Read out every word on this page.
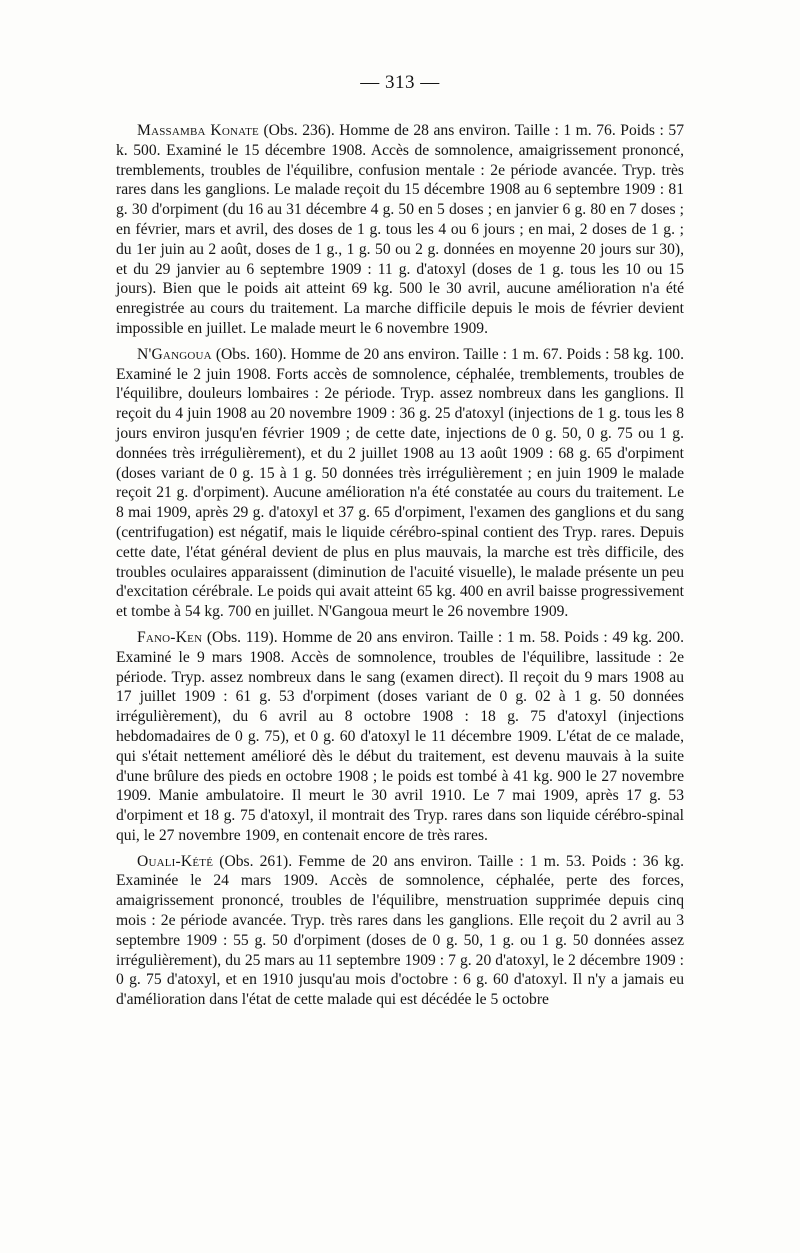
— 313 —

Massamba Konate (Obs. 236). Homme de 28 ans environ. Taille : 1 m. 76. Poids : 57 k. 500. Examiné le 15 décembre 1908. Accès de somnolence, amaigrissement prononcé, tremblements, troubles de l'équilibre, confusion mentale : 2e période avancée. Tryp. très rares dans les ganglions. Le malade reçoit du 15 décembre 1908 au 6 septembre 1909 : 81 g. 30 d'orpiment (du 16 au 31 décembre 4 g. 50 en 5 doses ; en janvier 6 g. 80 en 7 doses ; en février, mars et avril, des doses de 1 g. tous les 4 ou 6 jours ; en mai, 2 doses de 1 g. ; du 1er juin au 2 août, doses de 1 g., 1 g. 50 ou 2 g. données en moyenne 20 jours sur 30), et du 29 janvier au 6 septembre 1909 : 11 g. d'atoxyl (doses de 1 g. tous les 10 ou 15 jours). Bien que le poids ait atteint 69 kg. 500 le 30 avril, aucune amélioration n'a été enregistrée au cours du traitement. La marche difficile depuis le mois de février devient impossible en juillet. Le malade meurt le 6 novembre 1909.

N'Gangoua (Obs. 160). Homme de 20 ans environ. Taille : 1 m. 67. Poids : 58 kg. 100. Examiné le 2 juin 1908. Forts accès de somnolence, céphalée, tremblements, troubles de l'équilibre, douleurs lombaires : 2e période. Tryp. assez nombreux dans les ganglions. Il reçoit du 4 juin 1908 au 20 novembre 1909 : 36 g. 25 d'atoxyl (injections de 1 g. tous les 8 jours environ jusqu'en février 1909 ; de cette date, injections de 0 g. 50, 0 g. 75 ou 1 g. données très irrégulièrement), et du 2 juillet 1908 au 13 août 1909 : 68 g. 65 d'orpiment (doses variant de 0 g. 15 à 1 g. 50 données très irrégulièrement ; en juin 1909 le malade reçoit 21 g. d'orpiment). Aucune amélioration n'a été constatée au cours du traitement. Le 8 mai 1909, après 29 g. d'atoxyl et 37 g. 65 d'orpiment, l'examen des ganglions et du sang (centrifugation) est négatif, mais le liquide cérébro-spinal contient des Tryp. rares. Depuis cette date, l'état général devient de plus en plus mauvais, la marche est très difficile, des troubles oculaires apparaissent (diminution de l'acuité visuelle), le malade présente un peu d'excitation cérébrale. Le poids qui avait atteint 65 kg. 400 en avril baisse progressivement et tombe à 54 kg. 700 en juillet. N'Gangoua meurt le 26 novembre 1909.

Fano-Ken (Obs. 119). Homme de 20 ans environ. Taille : 1 m. 58. Poids : 49 kg. 200. Examiné le 9 mars 1908. Accès de somnolence, troubles de l'équilibre, lassitude : 2e période. Tryp. assez nombreux dans le sang (examen direct). Il reçoit du 9 mars 1908 au 17 juillet 1909 : 61 g. 53 d'orpiment (doses variant de 0 g. 02 à 1 g. 50 données irrégulièrement), du 6 avril au 8 octobre 1908 : 18 g. 75 d'atoxyl (injections hebdomadaires de 0 g. 75), et 0 g. 60 d'atoxyl le 11 décembre 1909. L'état de ce malade, qui s'était nettement amélioré dès le début du traitement, est devenu mauvais à la suite d'une brûlure des pieds en octobre 1908 ; le poids est tombé à 41 kg. 900 le 27 novembre 1909. Manie ambulatoire. Il meurt le 30 avril 1910. Le 7 mai 1909, après 17 g. 53 d'orpiment et 18 g. 75 d'atoxyl, il montrait des Tryp. rares dans son liquide cérébro-spinal qui, le 27 novembre 1909, en contenait encore de très rares.

Ouali-Kété (Obs. 261). Femme de 20 ans environ. Taille : 1 m. 53. Poids : 36 kg. Examinée le 24 mars 1909. Accès de somnolence, céphalée, perte des forces, amaigrissement prononcé, troubles de l'équilibre, menstruation supprimée depuis cinq mois : 2e période avancée. Tryp. très rares dans les ganglions. Elle reçoit du 2 avril au 3 septembre 1909 : 55 g. 50 d'orpiment (doses de 0 g. 50, 1 g. ou 1 g. 50 données assez irrégulièrement), du 25 mars au 11 septembre 1909 : 7 g. 20 d'atoxyl, le 2 décembre 1909 : 0 g. 75 d'atoxyl, et en 1910 jusqu'au mois d'octobre : 6 g. 60 d'atoxyl. Il n'y a jamais eu d'amélioration dans l'état de cette malade qui est décédée le 5 octobre
